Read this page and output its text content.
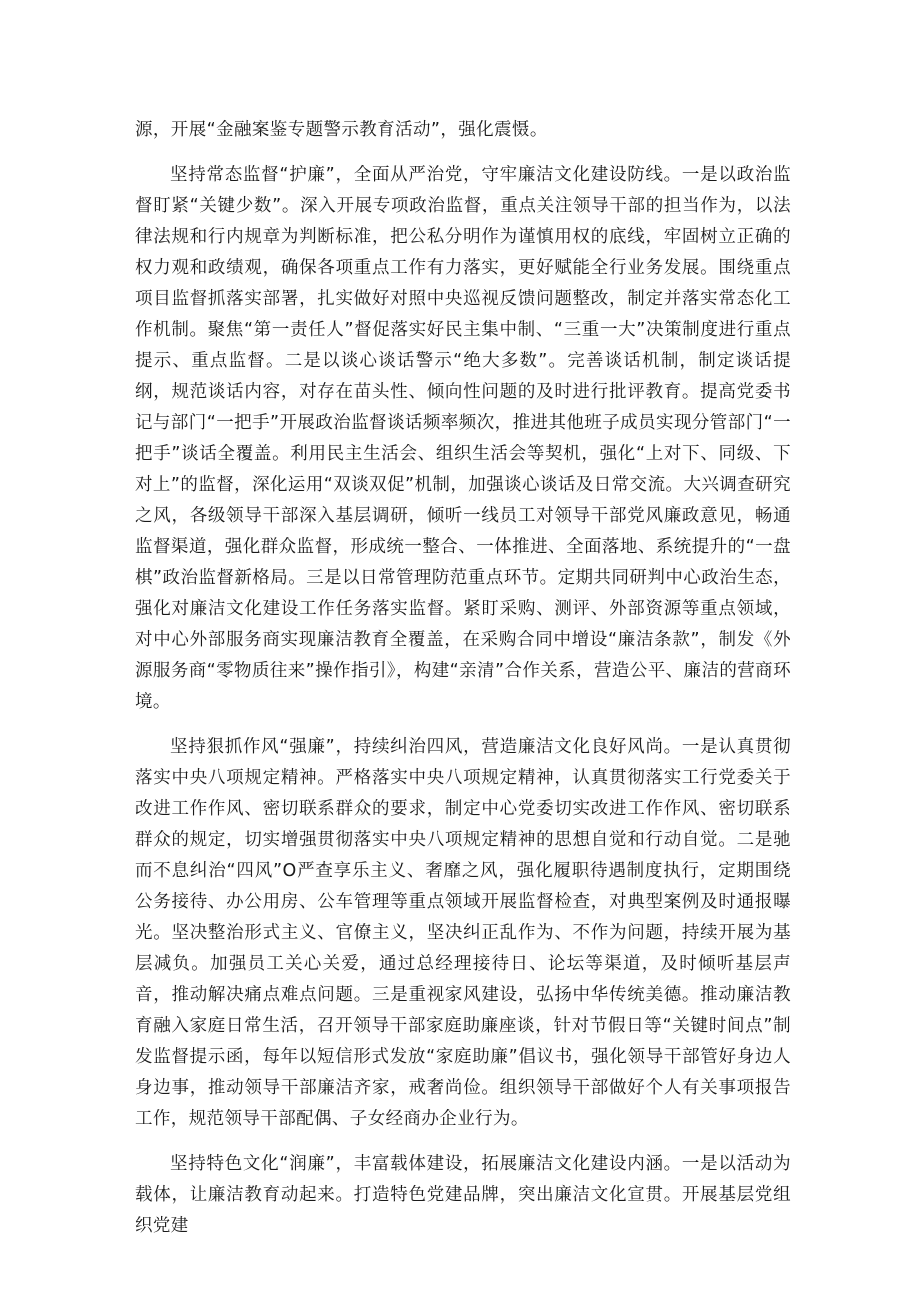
源，开展“金融案鉴专题警示教育活动”，强化震慑。

坚持常态监督“护廉”，全面从严治党，守牢廉洁文化建设防线。一是以政治监督盯紧“关键少数”。深入开展专项政治监督，重点关注领导干部的担当作为，以法律法规和行内规章为判断标准，把公私分明作为谨慎用权的底线，牢固树立正确的权力观和政绩观，确保各项重点工作有力落实，更好赋能全行业务发展。围绕重点项目监督抓落实部署，扎实做好对照中央巡视反馈问题整改，制定并落实常态化工作机制。聚焦“第一责任人”督促落实好民主集中制、“三重一大”决策制度进行重点提示、重点监督。二是以谈心谈话警示“绝大多数”。完善谈话机制，制定谈话提纲，规范谈话内容，对存在苗头性、倾向性问题的及时进行批评教育。提高党委书记与部门“一把手”开展政治监督谈话频率频次，推进其他班子成员实现分管部门“一把手”谈话全覆盖。利用民主生活会、组织生活会等契机，强化“上对下、同级、下对上”的监督，深化运用“双谈双促”机制，加强谈心谈话及日常交流。大兴调查研究之风，各级领导干部深入基层调研，倾听一线员工对领导干部党风廉政意见，畅通监督渠道，强化群众监督，形成统一整合、一体推进、全面落地、系统提升的“一盘棋”政治监督新格局。三是以日常管理防范重点环节。定期共同研判中心政治生态，强化对廉洁文化建设工作任务落实监督。紧盯采购、测评、外部资源等重点领域，对中心外部服务商实现廉洁教育全覆盖，在采购合同中增设“廉洁条款”，制发《外源服务商“零物质往来”操作指引》，构建“亲清”合作关系，营造公平、廉洁的营商环境。

坚持狠抓作风“强廉”，持续纠治四风，营造廉洁文化良好风尚。一是认真贯彻落实中央八项规定精神。严格落实中央八项规定精神，认真贯彻落实工行党委关于改进工作作风、密切联系群众的要求，制定中心党委切实改进工作作风、密切联系群众的规定，切实增强贯彻落实中央八项规定精神的思想自觉和行动自觉。二是驰而不息纠治“四风”O严查享乐主义、奢靡之风，强化履职待遇制度执行，定期围绕公务接待、办公用房、公车管理等重点领域开展监督检查，对典型案例及时通报曝光。坚决整治形式主义、官僚主义，坚决纠正乱作为、不作为问题，持续开展为基层减负。加强员工关心关爱，通过总经理接待日、论坛等渠道，及时倾听基层声音，推动解决痛点难点问题。三是重视家风建设，弘扬中华传统美德。推动廉洁教育融入家庭日常生活，召开领导干部家庭助廉座谈，针对节假日等“关键时间点”制发监督提示函，每年以短信形式发放“家庭助廉”倡议书，强化领导干部管好身边人身边事，推动领导干部廉洁齐家，戒奢尚俭。组织领导干部做好个人有关事项报告工作，规范领导干部配偶、子女经商办企业行为。

坚持特色文化“润廉”，丰富载体建设，拓展廉洁文化建设内涵。一是以活动为载体，让廉洁教育动起来。打造特色党建品牌，突出廉洁文化宣贯。开展基层党组织党建
